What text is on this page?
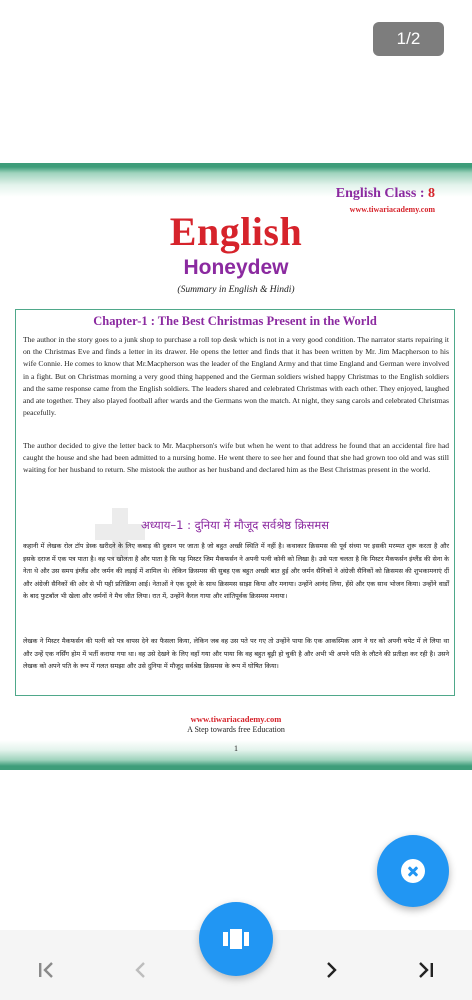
1/2
English Class : 8
www.tiwariacademy.com
English
Honeydew
(Summary in English & Hindi)
Chapter-1 : The Best Christmas Present in the World

The author in the story goes to a junk shop to purchase a roll top desk which is not in a very good condition. The narrator starts repairing it on the Christmas Eve and finds a letter in its drawer. He opens the letter and finds that it has been written by Mr. Jim Macpherson to his wife Connie. He comes to know that Mr.Macpherson was the leader of the England Army and that time England and German were involved in a fight. But on Christmas morning a very good thing happened and the German soldiers wished happy Christmas to the English soldiers and the same response came from the English soldiers. The leaders shared and celebrated Christmas with each other. They enjoyed, laughed and ate together. They also played football after wards and the Germans won the match. At night, they sang carols and celebrated Christmas peacefully.

The author decided to give the letter back to Mr. Macpherson's wife but when he went to that address he found that an accidental fire had caught the house and she had been admitted to a nursing home. He went there to see her and found that she had grown too old and was still waiting for her husband to return. She mistook the author as her husband and declared him as the Best Christmas present in the world.

अध्याय–1 : दुनिया में मौजूद सर्वश्रेष्ठ क्रिसमस

कहानी में लेखक रोल टॉप डेस्क खरीदने के लिए कबाड़ की दुकान पर जाता है जो बहुत अच्छी स्थिति में नहीं है। कथाकार क्रिसमस की पूर्व संध्या पर इसकी मरम्मत शुरू करता है और इसके दराज में एक पत्र पाता है। वह पत्र खोलता है और पाता है कि यह मिस्टर जिम मैकफर्सन ने अपनी पत्नी कोनी को लिखा है। उसे पता चलता है कि मिस्टर मैकफर्सन इंग्लैंड की सेना के नेता थे और उस समय इंग्लैंड और जर्मन की लड़ाई में शामिल थे। लेकिन क्रिसमस की सुबह एक बहुत अच्छी बात हुई और जर्मन सैनिकों ने अंग्रेजी सैनिकों को क्रिसमस की शुभकामनाएं दीं और अंग्रेजी सैनिकों की ओर से भी यही प्रतिक्रिया आई। नेताओं ने एक दूसरे के साथ क्रिसमस साझा किया और मनाया। उन्होंने आनंद लिया, हँसे और एक साथ भोजन किया। उन्होंने वार्डों के बाद फुटबॉल भी खेला और जर्मनों ने मैच जीत लिया। रात में, उन्होंने कैरल गाया और शांतिपूर्वक क्रिसमस मनाया।

लेखक ने मिस्टर मैकफर्सन की पत्नी को पत्र वापस देने का फैसला किया, लेकिन जब वह उस पते पर गए तो उन्होंने पाया कि एक आकस्मिक आग ने घर को अपनी चपेट में ले लिया था और उन्हें एक नर्सिंग होम में भर्ती कराया गया था। वह उसे देखने के लिए वहाँ गया और पाया कि वह बहुत बूढ़ी हो चुकी है और अभी भी अपने पति के लौटने की प्रतीक्षा कर रही है। उसने लेखक को अपने पति के रूप में गलत समझा और उसे दुनिया में मौजूद सर्वश्रेष्ठ क्रिसमस के रूप में घोषित किया।

www.tiwariacademy.com
A Step towards free Education
1
